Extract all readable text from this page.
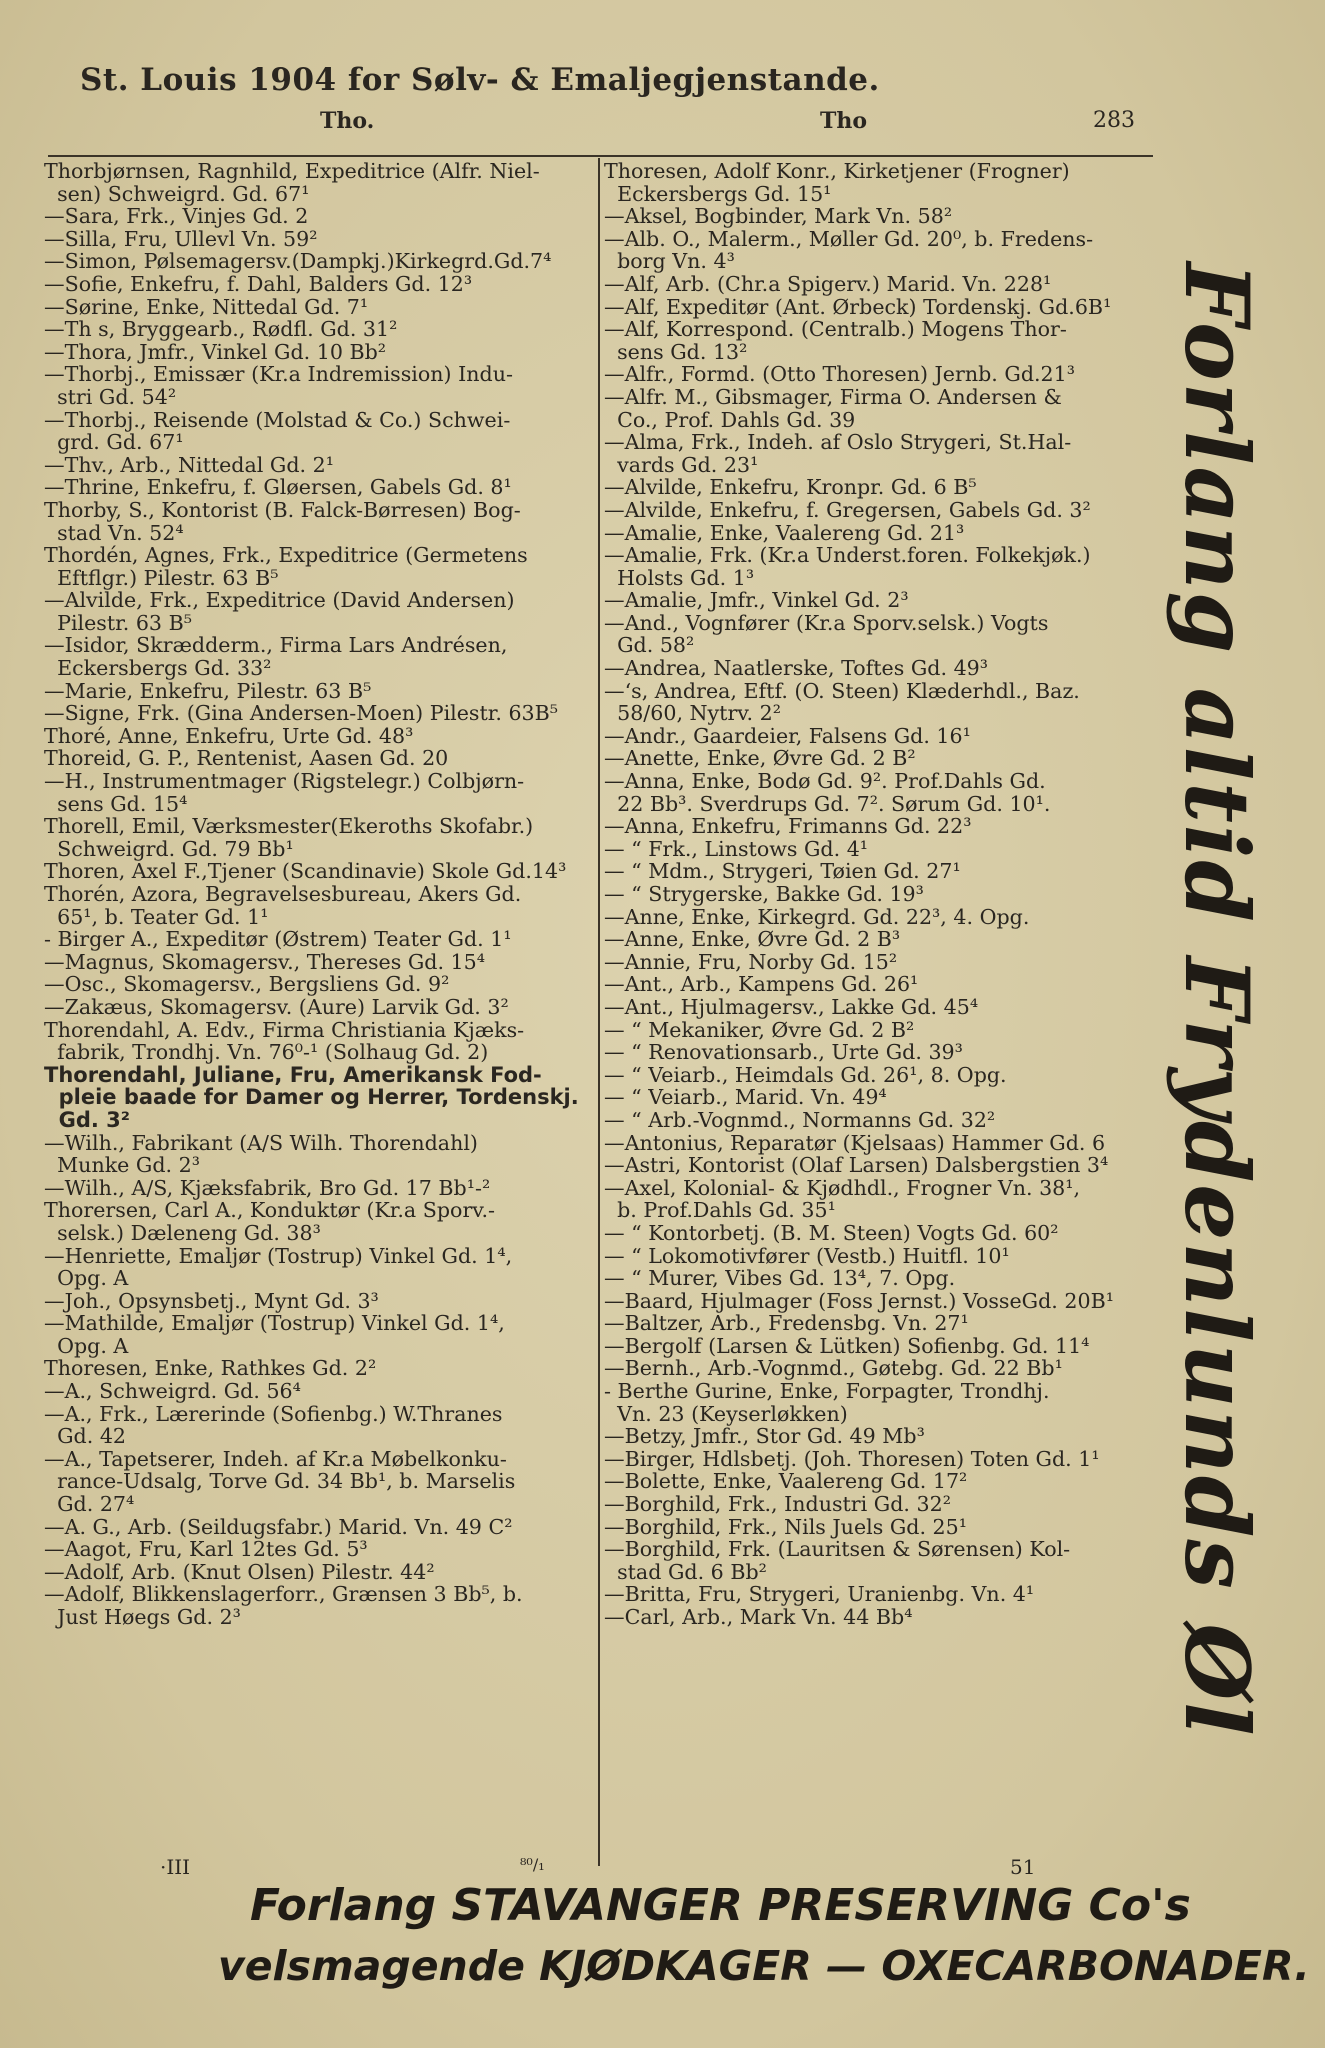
St. Louis 1904 for Sølv- & Emaljegjenstande.
Tho.	Tho	283
Thorbjørnsen, Ragnhild, Expeditrice (Alfr. Niel-
sen) Schweigrd. Gd. 67¹
—Sara, Frk., Vinjes Gd. 2
—Silla, Fru, Ullevl Vn. 59²
—Simon, Pølsemagersv.(Dampkj.)Kirkegrd.Gd.7⁴
—Sofie, Enkefru, f. Dahl, Balders Gd. 12³
—Sørine, Enke, Nittedal Gd. 7¹
—Th s, Bryggearb., Rødfl. Gd. 31²
—Thora, Jmfr., Vinkel Gd. 10 Bb²
—Thorbj., Emissær (Kr.a Indremission) Indu-
stri Gd. 54²
—Thorbj., Reisende (Molstad & Co.) Schwei-
grd. Gd. 67¹
—Thv., Arb., Nittedal Gd. 2¹
—Thrine, Enkefru, f. Gløersen, Gabels Gd. 8¹
Thorby, S., Kontorist (B. Falck-Børresen) Bog-
stad Vn. 52⁴
Thordén, Agnes, Frk., Expeditrice (Germetens
Eftflgr.) Pilestr. 63 B⁵
—Alvilde, Frk., Expeditrice (David Andersen)
Pilestr. 63 B⁵
—Isidor, Skrædderm., Firma Lars Andrésen,
Eckersbergs Gd. 33²
—Marie, Enkefru, Pilestr. 63 B⁵
—Signe, Frk. (Gina Andersen-Moen) Pilestr. 63B⁵
Thoré, Anne, Enkefru, Urte Gd. 48³
Thoreid, G. P., Rentenist, Aasen Gd. 20
—H., Instrumentmager (Rigstelegr.) Colbjørn-
sens Gd. 15⁴
Thorell, Emil, Værksmester(Ekeroths Skofabr.)
Schweigrd. Gd. 79 Bb¹
Thoren, Axel F.,Tjener (Scandinavie) Skole Gd.14³
Thorén, Azora, Begravelsesbureau, Akers Gd.
65¹, b. Teater Gd. 1¹
- Birger A., Expeditør (Østrem) Teater Gd. 1¹
—Magnus, Skomagersv., Thereses Gd. 15⁴
—Osc., Skomagersv., Bergsliens Gd. 9²
—Zakæus, Skomagersv. (Aure) Larvik Gd. 3²
Thorendahl, A. Edv., Firma Christiania Kjæks-
fabrik, Trondhj. Vn. 76⁰-¹ (Solhaug Gd. 2)
Thorendahl, Juliane, Fru, Amerikansk Fod-
pleie baade for Damer og Herrer, Tordenskj.
Gd. 3²
—Wilh., Fabrikant (A/S Wilh. Thorendahl)
Munke Gd. 2³
—Wilh., A/S, Kjæksfabrik, Bro Gd. 17 Bb¹-²
Thorersen, Carl A., Konduktør (Kr.a Sporv.-
selsk.) Dæleneng Gd. 38³
—Henriette, Emaljør (Tostrup) Vinkel Gd. 1⁴,
Opg. A
—Joh., Opsynsbetj., Mynt Gd. 3³
—Mathilde, Emaljør (Tostrup) Vinkel Gd. 1⁴,
Opg. A
Thoresen, Enke, Rathkes Gd. 2²
—A., Schweigrd. Gd. 56⁴
—A., Frk., Lærerinde (Sofienbg.) W.Thranes
Gd. 42
—A., Tapetserer, Indeh. af Kr.a Møbelkonku-
rance-Udsalg, Torve Gd. 34 Bb¹, b. Marselis
Gd. 27⁴
—A. G., Arb. (Seildugsfabr.) Marid. Vn. 49 C²
—Aagot, Fru, Karl 12tes Gd. 5³
—Adolf, Arb. (Knut Olsen) Pilestr. 44²
—Adolf, Blikkenslagerforr., Grænsen 3 Bb⁵, b.
Just Høegs Gd. 2³
Thoresen, Adolf Konr., Kirketjener (Frogner)
Eckersbergs Gd. 15¹
—Aksel, Bogbinder, Mark Vn. 58²
—Alb. O., Malerm., Møller Gd. 20⁰, b. Fredens-
borg Vn. 4³
—Alf, Arb. (Chr.a Spigerv.) Marid. Vn. 228¹
—Alf, Expeditør (Ant. Ørbeck) Tordenskj. Gd.6B¹
—Alf, Korrespond. (Centralb.) Mogens Thor-
sens Gd. 13²
—Alfr., Formd. (Otto Thoresen) Jernb. Gd.21³
—Alfr. M., Gibsmager, Firma O. Andersen &
Co., Prof. Dahls Gd. 39
—Alma, Frk., Indeh. af Oslo Strygeri, St.Hal-
vards Gd. 23¹
—Alvilde, Enkefru, Kronpr. Gd. 6 B⁵
—Alvilde, Enkefru, f. Gregersen, Gabels Gd. 3²
—Amalie, Enke, Vaalereng Gd. 21³
—Amalie, Frk. (Kr.a Underst.foren. Folkekjøk.)
Holsts Gd. 1³
—Amalie, Jmfr., Vinkel Gd. 2³
—And., Vognfører (Kr.a Sporv.selsk.) Vogts
Gd. 58²
—Andrea, Naatlerske, Toftes Gd. 49³
—‘s, Andrea, Eftf. (O. Steen) Klæderhdl., Baz.
58/60, Nytrv. 2²
—Andr., Gaardeier, Falsens Gd. 16¹
—Anette, Enke, Øvre Gd. 2 B²
—Anna, Enke, Bodø Gd. 9². Prof.Dahls Gd.
22 Bb³. Sverdrups Gd. 7². Sørum Gd. 10¹.
—Anna, Enkefru, Frimanns Gd. 22³
— “ Frk., Linstows Gd. 4¹
— “ Mdm., Strygeri, Tøien Gd. 27¹
— “ Strygerske, Bakke Gd. 19³
—Anne, Enke, Kirkegrd. Gd. 22³, 4. Opg.
—Anne, Enke, Øvre Gd. 2 B³
—Annie, Fru, Norby Gd. 15²
—Ant., Arb., Kampens Gd. 26¹
—Ant., Hjulmagersv., Lakke Gd. 45⁴
— “ Mekaniker, Øvre Gd. 2 B²
— “ Renovationsarb., Urte Gd. 39³
— “ Veiarb., Heimdals Gd. 26¹, 8. Opg.
— “ Veiarb., Marid. Vn. 49⁴
— “ Arb.-Vognmd., Normanns Gd. 32²
—Antonius, Reparatør (Kjelsaas) Hammer Gd. 6
—Astri, Kontorist (Olaf Larsen) Dalsbergstien 3⁴
—Axel, Kolonial- & Kjødhdl., Frogner Vn. 38¹,
b. Prof.Dahls Gd. 35¹
— “ Kontorbetj. (B. M. Steen) Vogts Gd. 60²
— “ Lokomotivfører (Vestb.) Huitfl. 10¹
— “ Murer, Vibes Gd. 13⁴, 7. Opg.
—Baard, Hjulmager (Foss Jernst.) VosseGd. 20B¹
—Baltzer, Arb., Fredensbg. Vn. 27¹
—Bergolf (Larsen & Lütken) Sofienbg. Gd. 11⁴
—Bernh., Arb.-Vognmd., Gøtebg. Gd. 22 Bb¹
- Berthe Gurine, Enke, Forpagter, Trondhj.
Vn. 23 (Keyserløkken)
—Betzy, Jmfr., Stor Gd. 49 Mb³
—Birger, Hdlsbetj. (Joh. Thoresen) Toten Gd. 1¹
—Bolette, Enke, Vaalereng Gd. 17²
—Borghild, Frk., Industri Gd. 32²
—Borghild, Frk., Nils Juels Gd. 25¹
—Borghild, Frk. (Lauritsen & Sørensen) Kol-
stad Gd. 6 Bb²
—Britta, Fru, Strygeri, Uranienbg. Vn. 4¹
—Carl, Arb., Mark Vn. 44 Bb⁴	Forlang altid Frydenlunds Øl
·III	⁸⁰/₁	51
Forlang STAVANGER PRESERVING Co's
velsmagende KJØDKAGER — OXECARBONADER.
